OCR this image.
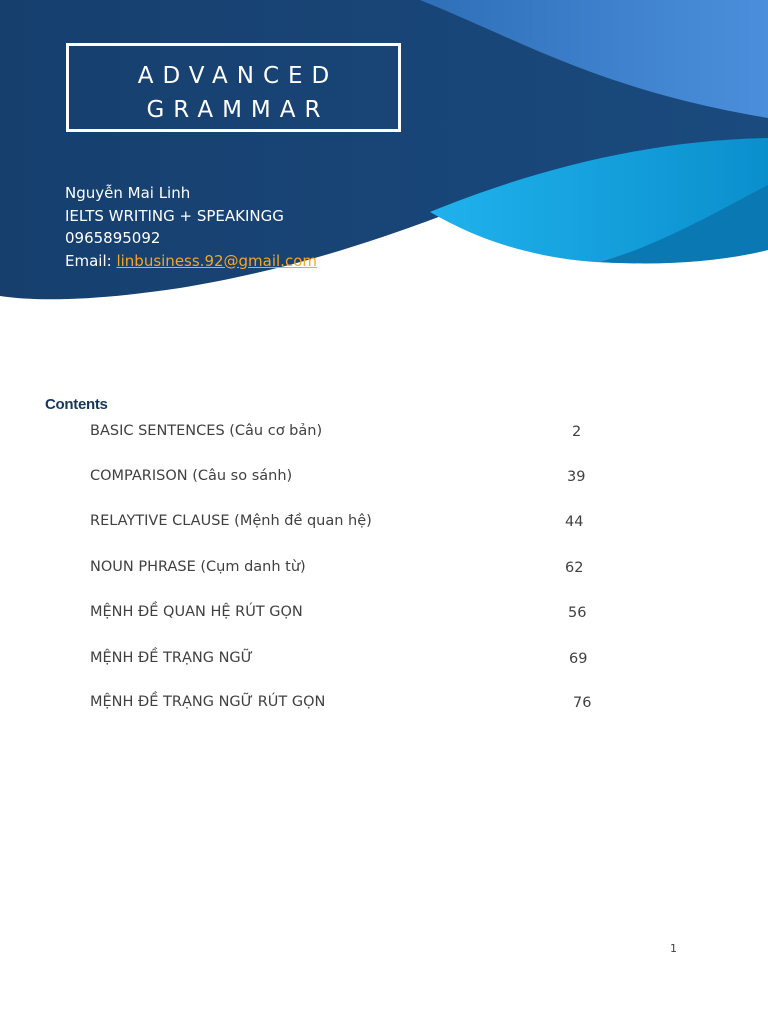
ADVANCED
GRAMMAR
Nguyễn Mai Linh
IELTS WRITING + SPEAKINGG
0965895092
Email: linbusiness.92@gmail.com
Contents
BASIC SENTENCES (Câu cơ bản)	2
COMPARISON (Câu so sánh)	39
RELAYTIVE CLAUSE (Mệnh đề quan hệ)	44
NOUN PHRASE (Cụm danh từ)	62
MỆNH ĐỀ QUAN HỆ RÚT GỌN	56
MỆNH ĐỀ TRẠNG NGỮ	69
MỆNH ĐỀ TRẠNG NGỮ RÚT GỌN	76
1
